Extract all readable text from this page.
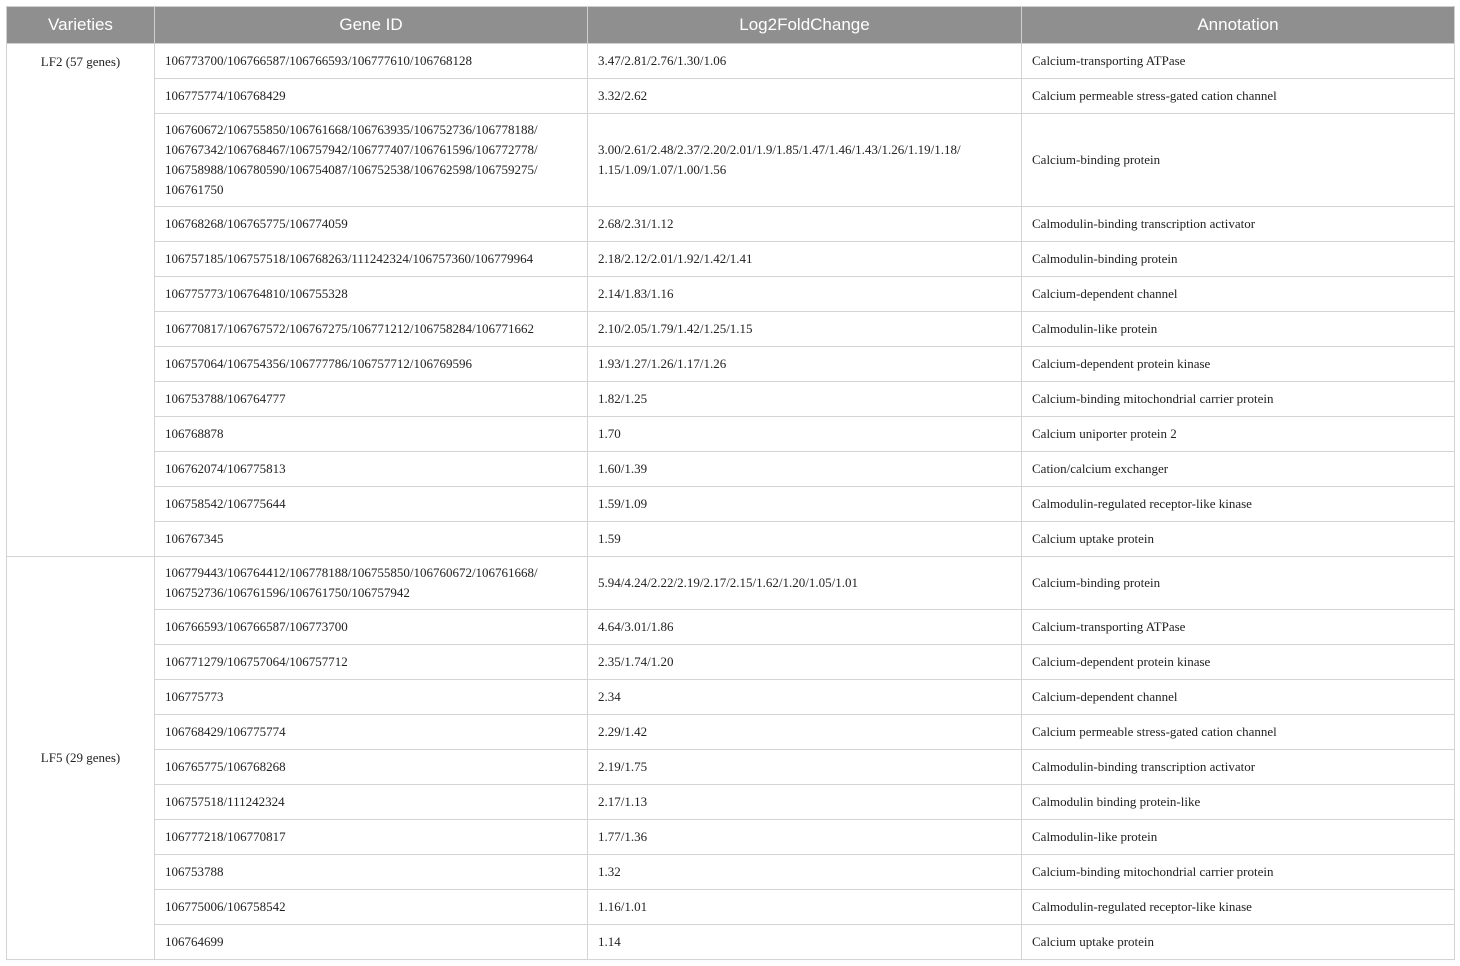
Varieties	Gene ID	Log2FoldChange	Annotation
LF2 (57 genes)	106773700/106766587/106766593/106777610/106768128	3.47/2.81/2.76/1.30/1.06	Calcium-transporting ATPase
	106775774/106768429	3.32/2.62	Calcium permeable stress-gated cation channel
	106760672/106755850/106761668/106763935/106752736/106778188/ 106767342/106768467/106757942/106777407/106761596/106772778/ 106758988/106780590/106754087/106752538/106762598/106759275/ 106761750	3.00/2.61/2.48/2.37/2.20/2.01/1.9/1.85/1.47/1.46/1.43/1.26/1.19/1.18/ 1.15/1.09/1.07/1.00/1.56	Calcium-binding protein
	106768268/106765775/106774059	2.68/2.31/1.12	Calmodulin-binding transcription activator
	106757185/106757518/106768263/111242324/106757360/106779964	2.18/2.12/2.01/1.92/1.42/1.41	Calmodulin-binding protein
	106775773/106764810/106755328	2.14/1.83/1.16	Calcium-dependent channel
	106770817/106767572/106767275/106771212/106758284/106771662	2.10/2.05/1.79/1.42/1.25/1.15	Calmodulin-like protein
	106757064/106754356/106777786/106757712/106769596	1.93/1.27/1.26/1.17/1.26	Calcium-dependent protein kinase
	106753788/106764777	1.82/1.25	Calcium-binding mitochondrial carrier protein
	106768878	1.70	Calcium uniporter protein 2
	106762074/106775813	1.60/1.39	Cation/calcium exchanger
	106758542/106775644	1.59/1.09	Calmodulin-regulated receptor-like kinase
	106767345	1.59	Calcium uptake protein
LF5 (29 genes)	106779443/106764412/106778188/106755850/106760672/106761668/ 106752736/106761596/106761750/106757942	5.94/4.24/2.22/2.19/2.17/2.15/1.62/1.20/1.05/1.01	Calcium-binding protein
	106766593/106766587/106773700	4.64/3.01/1.86	Calcium-transporting ATPase
	106771279/106757064/106757712	2.35/1.74/1.20	Calcium-dependent protein kinase
	106775773	2.34	Calcium-dependent channel
	106768429/106775774	2.29/1.42	Calcium permeable stress-gated cation channel
	106765775/106768268	2.19/1.75	Calmodulin-binding transcription activator
	106757518/111242324	2.17/1.13	Calmodulin binding protein-like
	106777218/106770817	1.77/1.36	Calmodulin-like protein
	106753788	1.32	Calcium-binding mitochondrial carrier protein
	106775006/106758542	1.16/1.01	Calmodulin-regulated receptor-like kinase
	106764699	1.14	Calcium uptake protein
